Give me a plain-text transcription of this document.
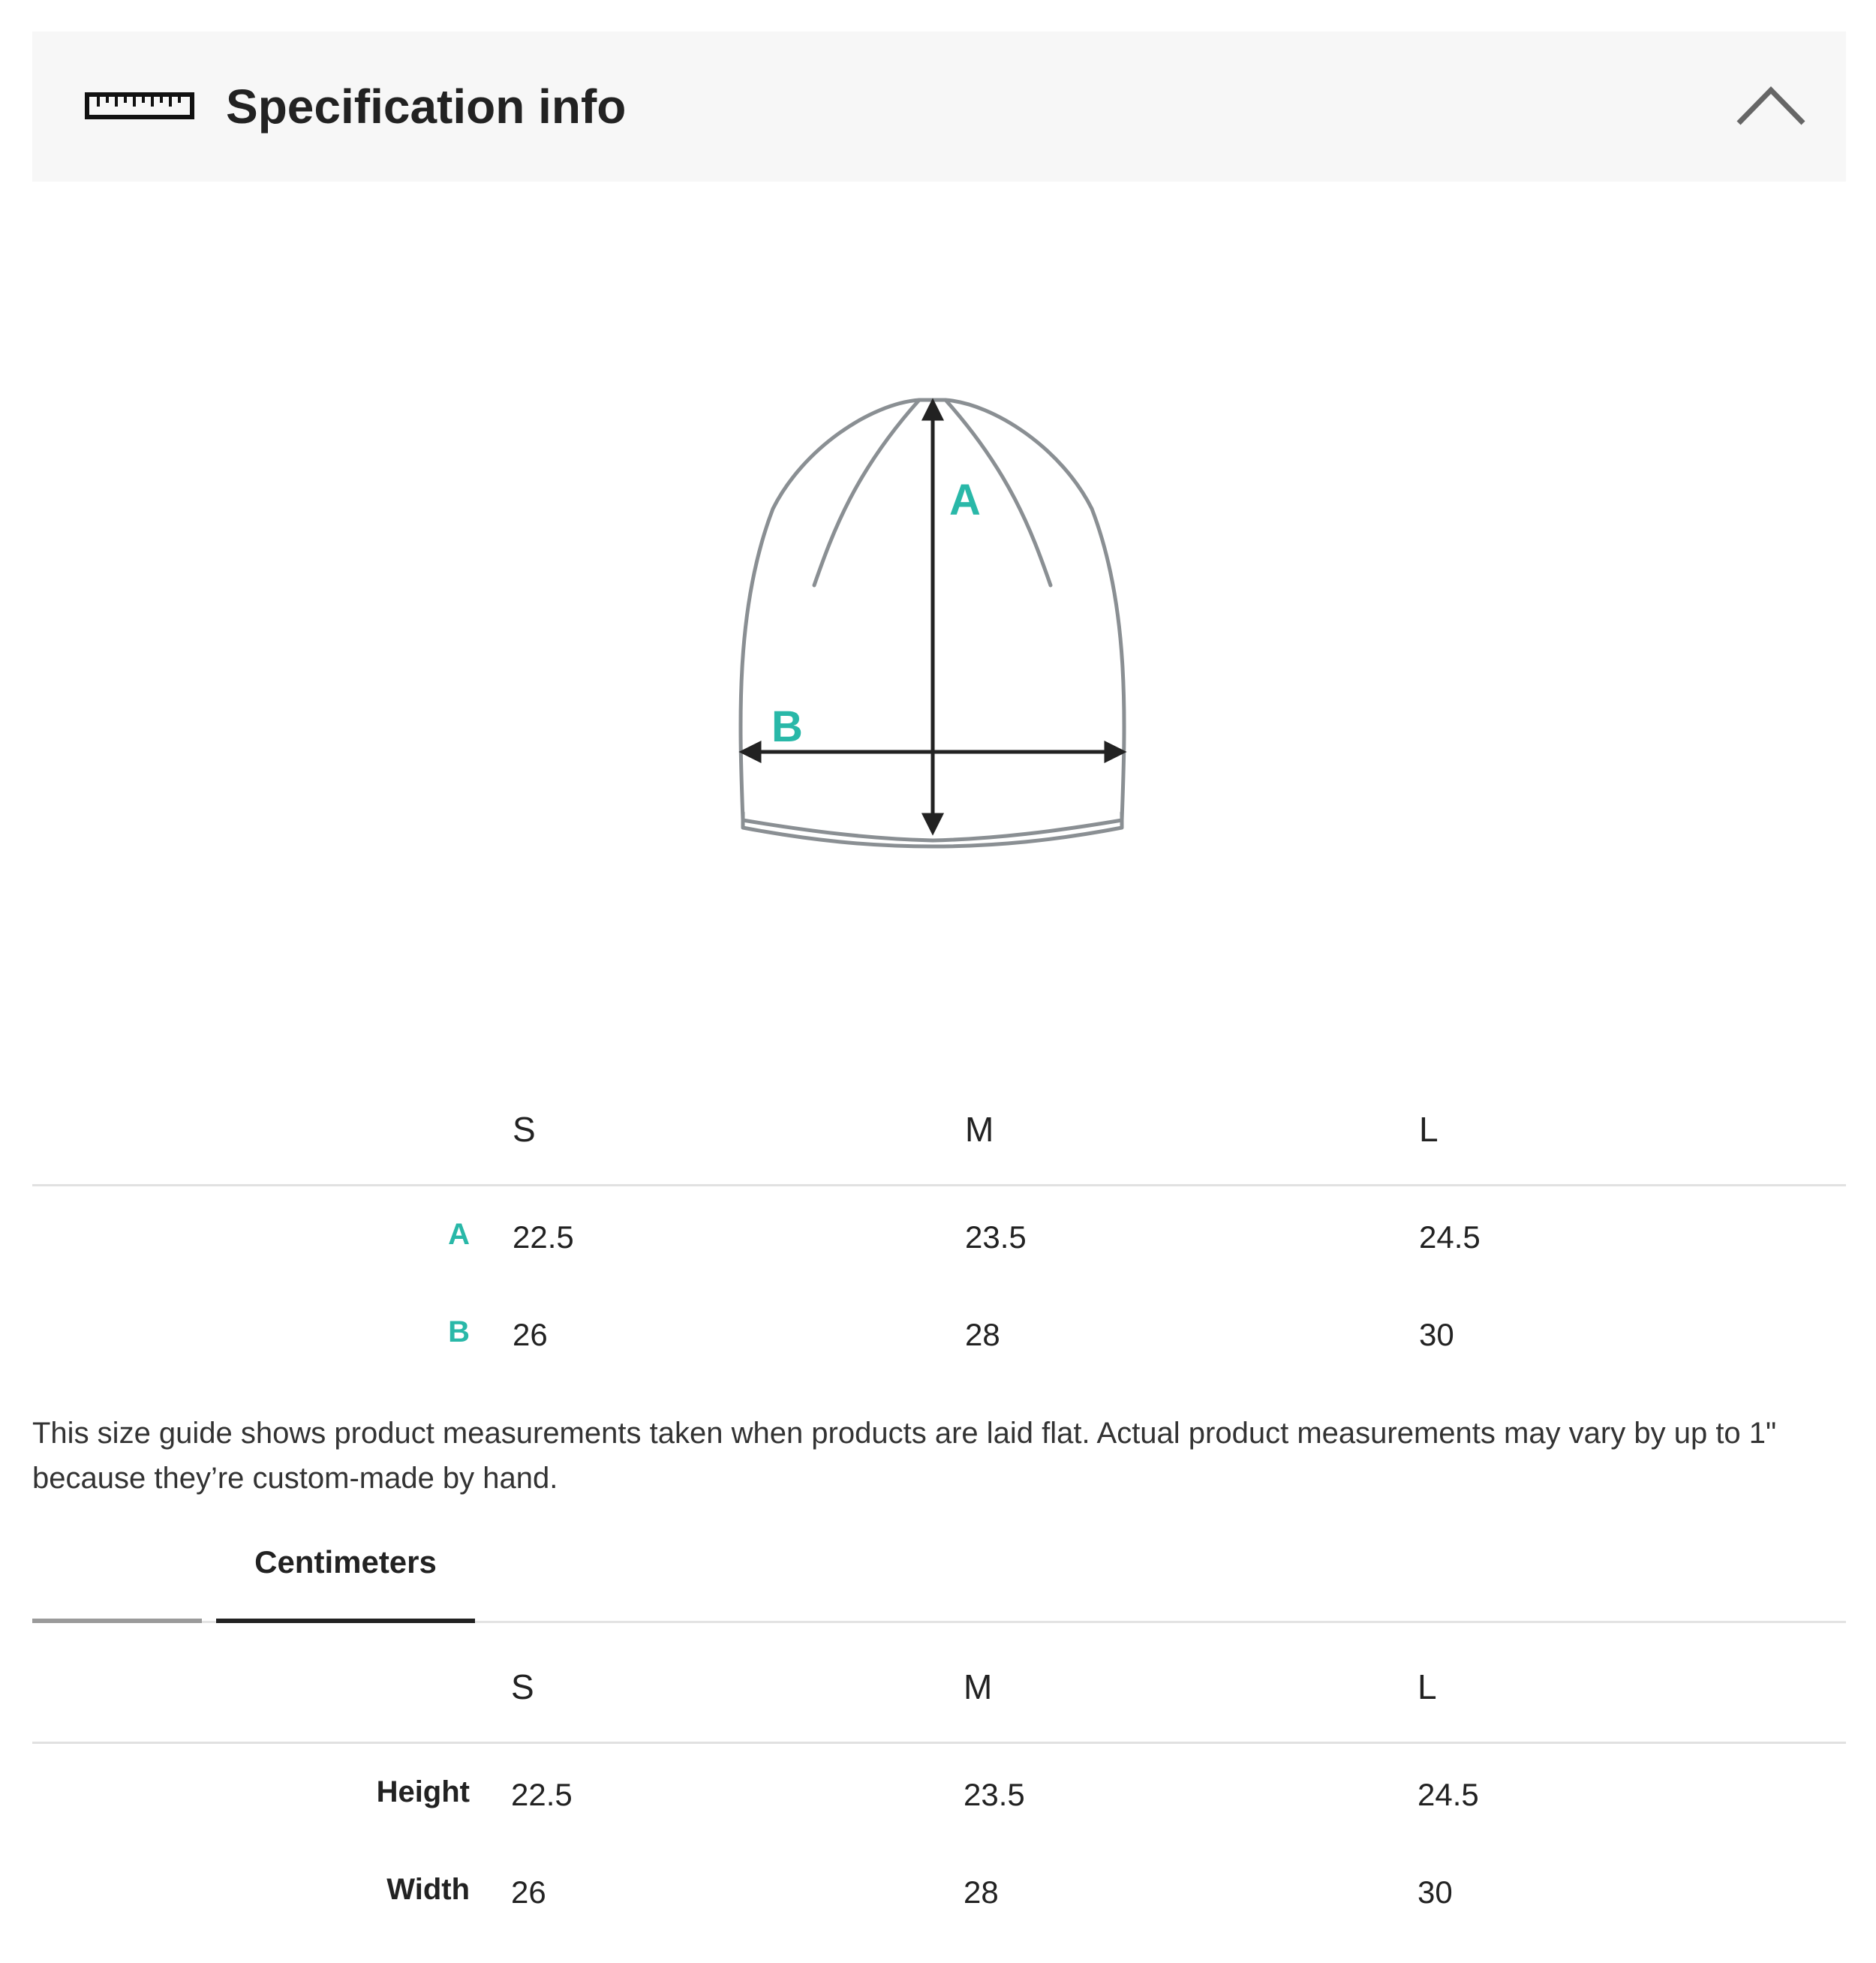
Specification info
A
B
S	M	L
A 22.5	23.5	24.5
B 26	28	30
This size guide shows product measurements taken when products are laid flat. Actual product measurements may vary by up to 1" because they’re custom-made by hand.
Centimeters
S	M	L
Height 22.5	23.5	24.5
Width 26	28	30
